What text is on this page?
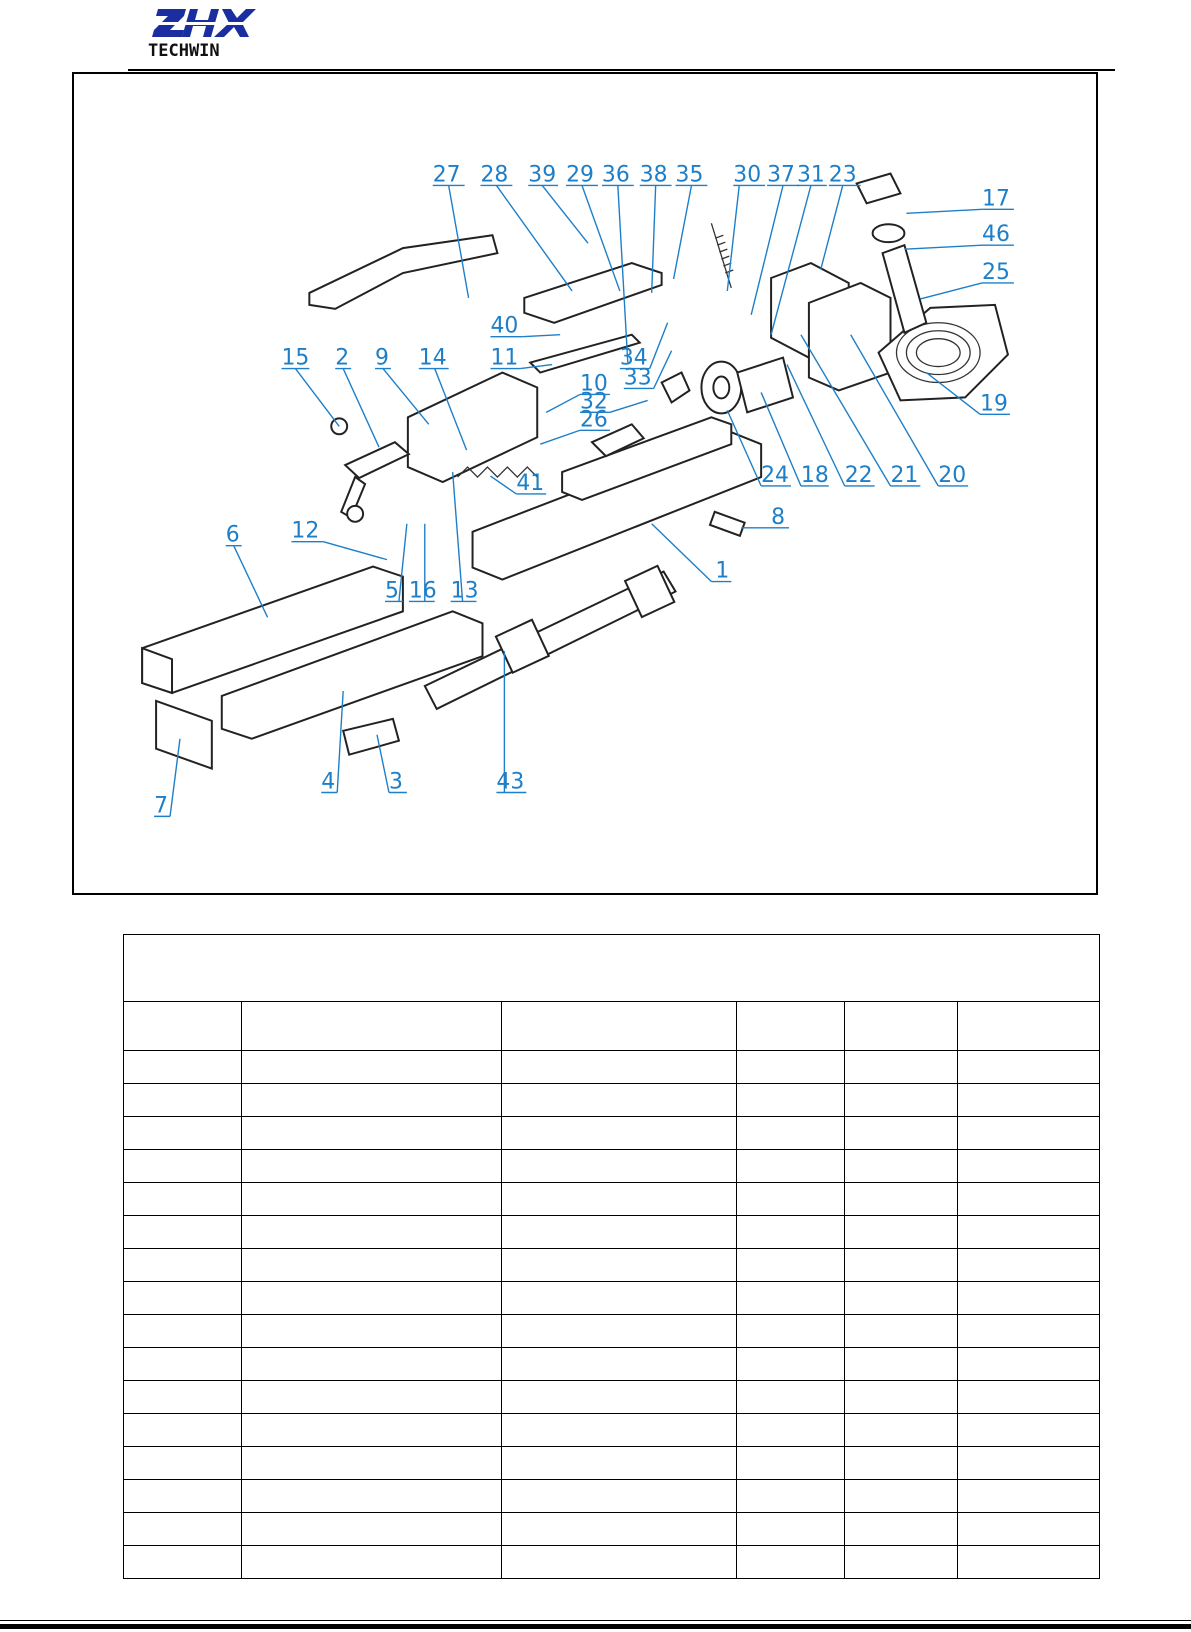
TECHWIN
27 28 39 29 36 38 35 30 37 31 23
17
46
25
40
15 2 9 14 11	34
33
10
32
26
19
41	24 18 22 21 20
8
12
5 16 13
1
6
4 3	43
7
